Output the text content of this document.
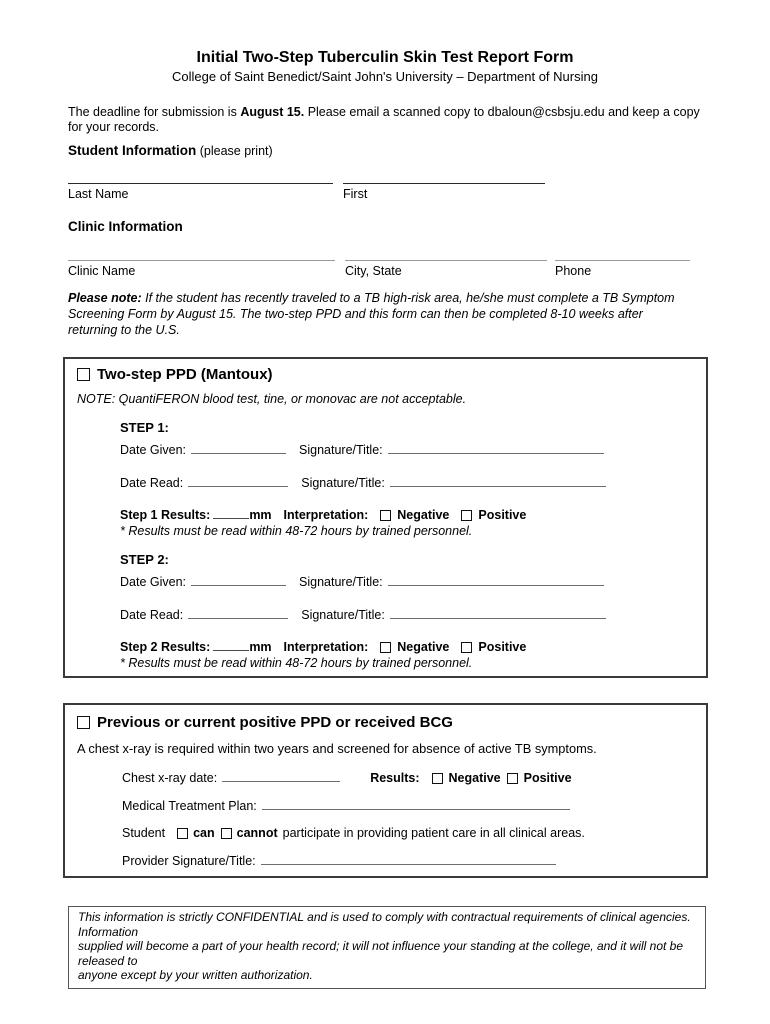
Initial Two-Step Tuberculin Skin Test Report Form
College of Saint Benedict/Saint John's University – Department of Nursing
The deadline for submission is August 15. Please email a scanned copy to dbaloun@csbsju.edu and keep a copy
for your records.
Student Information (please print)
Last Name	First
Clinic Information
Clinic Name	City, State	Phone
Please note: If the student has recently traveled to a TB high-risk area, he/she must complete a TB Symptom
Screening Form by August 15. The two-step PPD and this form can then be completed 8-10 weeks after
returning to the U.S.
Two-step PPD (Mantoux)
NOTE: QuantiFERON blood test, tine, or monovac are not acceptable.
STEP 1:
Date Given:	Signature/Title:
Date Read:	Signature/Title:
Step 1 Results:	mm Interpretation: Negative Positive
* Results must be read within 48-72 hours by trained personnel.
STEP 2:
Date Given:	Signature/Title:
Date Read:	Signature/Title:
Step 2 Results:	mm Interpretation: Negative Positive
* Results must be read within 48-72 hours by trained personnel.
Previous or current positive PPD or received BCG
A chest x-ray is required within two years and screened for absence of active TB symptoms.
Chest x-ray date:	Results: Negative Positive
Medical Treatment Plan:
Student can cannot participate in providing patient care in all clinical areas.
Provider Signature/Title:
This information is strictly CONFIDENTIAL and is used to comply with contractual requirements of clinical agencies. Information
supplied will become a part of your health record; it will not influence your standing at the college, and it will not be released to
anyone except by your written authorization.
